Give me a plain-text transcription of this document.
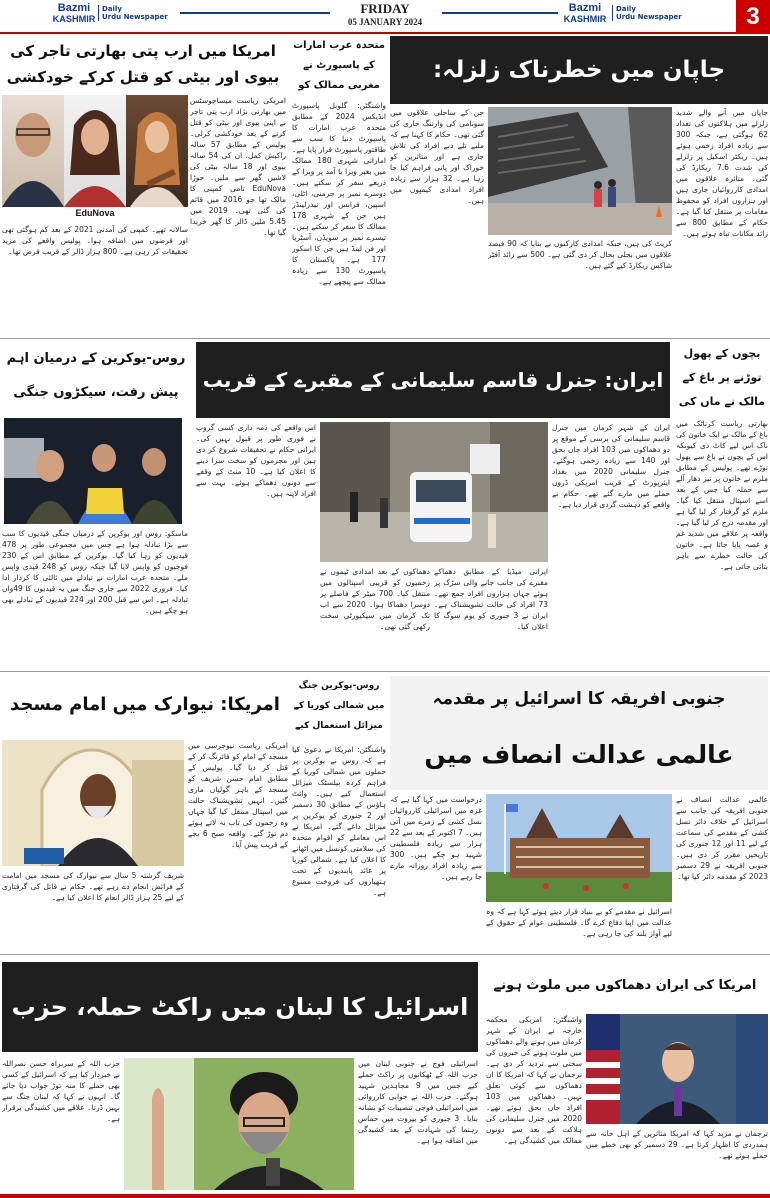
Bazmi
KASHMIR
Daily
Urdu Newspaper
FRIDAY
05 JANUARY 2024
Bazmi
KASHMIR
Daily
Urdu Newspaper	3
امریکا میں ارب پتی بھارتی تاجر کی بیوی اور بیٹی کو قتل کرکے خودکشی
امریکی ریاست میساچوسٹس میں بھارتی نژاد ارب پتی تاجر نے اپنی بیوی اور بیٹی کو قتل کرنے کے بعد خودکشی کرلی۔ پولیس کے مطابق 57 سالہ راکیش کمل، ان کی 54 سالہ بیوی اور 18 سالہ بیٹی کی لاشیں گھر سے ملیں۔ جوڑا EduNova نامی کمپنی کا مالک تھا جو 2016 میں قائم کی گئی تھی۔ 2019 میں 5.45 ملین ڈالر کا گھر خریدا گیا تھا۔
EduNova
سالانہ تھے۔ کمپنی کی آمدنی 2021 کے بعد کم ہوگئی تھی اور قرضوں میں اضافہ ہوا۔ پولیس واقعے کی مزید تحقیقات کر رہی ہے۔ 800 ہزار ڈالر کے قریب قرض تھا۔
متحدہ عرب امارات کے پاسپورٹ نے مغربی ممالک کو
واشنگٹن: گلوبل پاسپورٹ انڈیکس 2024 کے مطابق متحدہ عرب امارات کا پاسپورٹ دنیا کا سب سے طاقتور پاسپورٹ قرار پایا ہے۔ اماراتی شہری 180 ممالک میں بغیر ویزا یا آمد پر ویزا کے ذریعے سفر کر سکتے ہیں۔ دوسرے نمبر پر جرمنی، اٹلی، اسپین، فرانس اور نیدرلینڈز ہیں جن کے شہری 178 ممالک کا سفر کر سکتے ہیں۔ تیسرے نمبر پر سویڈن، آسٹریا اور فن لینڈ ہیں جن کا اسکور 177 ہے۔ پاکستان کا پاسپورٹ 130 سے زیادہ ممالک سے پیچھے ہے۔
جاپان میں خطرناک زلزلہ:
جاپان میں آنے والے شدید زلزلے میں ہلاکتوں کی تعداد 62 ہوگئی ہے، جبکہ 300 سے زیادہ افراد زخمی ہوئے ہیں۔ ریکٹر اسکیل پر زلزلے کی شدت 7.6 ریکارڈ کی گئی۔ متاثرہ علاقوں میں امدادی کارروائیاں جاری ہیں اور ہزاروں افراد کو محفوظ مقامات پر منتقل کیا گیا ہے۔ حکام کے مطابق 800 سے زائد مکانات تباہ ہوئے ہیں۔
جن کے ساحلی علاقوں میں سونامی کی وارننگ جاری کی گئی تھی۔ حکام کا کہنا ہے کہ ملبے تلے دبے افراد کی تلاش جاری ہے اور متاثرین کو خوراک اور پانی فراہم کیا جا رہا ہے۔ 32 ہزار سے زیادہ افراد امدادی کیمپوں میں ہیں۔
کریٹ کی ہیں، جبکہ امدادی کارکنوں نے بتایا کہ 90 فیصد علاقوں میں بجلی بحال کر دی گئی ہے۔ 500 سے زائد آفٹر شاکس ریکارڈ کیے گئے ہیں۔
روس-یوکرین کے درمیان اہم پیش رفت، سیکڑوں جنگی
ماسکو: روس اور یوکرین کے درمیان جنگی قیدیوں کا سب سے بڑا تبادلہ ہوا ہے جس میں مجموعی طور پر 478 قیدیوں کو رہا کیا گیا۔ یوکرین کے مطابق اس کے 230 فوجیوں کو واپس لایا گیا جبکہ روس کو 248 قیدی واپس ملے۔ متحدہ عرب امارات نے تبادلے میں ثالثی کا کردار ادا کیا۔ فروری 2022 سے جاری جنگ میں یہ قیدیوں کا 49واں تبادلہ ہے۔ اس سے قبل 200 اور 224 قیدیوں کے تبادلے بھی ہو چکے ہیں۔
ایران: جنرل قاسم سلیمانی کے مقبرے کے قریب
ایران کے شہر کرمان میں جنرل قاسم سلیمانی کی برسی کے موقع پر دو دھماکوں میں 103 افراد جاں بحق اور 140 سے زیادہ زخمی ہوگئے۔ جنرل سلیمانی 2020 میں بغداد ایئرپورٹ کے قریب امریکی ڈرون حملے میں مارے گئے تھے۔ حکام نے واقعے کو دہشت گردی قرار دیا ہے۔
ایرانی میڈیا کے مطابق دھماکے مقبرے کی جانب جانے والی سڑک پر ہوئے جہاں ہزاروں افراد جمع تھے۔ 73 افراد کی حالت تشویشناک ہے۔ ایران نے 3 جنوری کو یوم سوگ کا اعلان کیا۔
دھماکوں کے بعد امدادی ٹیموں نے زخمیوں کو قریبی اسپتالوں میں منتقل کیا۔ 700 میٹر کے فاصلے پر دوسرا دھماکا ہوا۔ 2020 سے اب تک کرمان میں سیکیورٹی سخت رکھی گئی تھی۔
اس واقعے کی ذمہ داری کسی گروپ نے فوری طور پر قبول نہیں کی۔ ایرانی حکام نے تحقیقات شروع کر دی ہیں اور مجرموں کو سخت سزا دینے کا اعلان کیا ہے۔ 10 منٹ کے وقفے سے دونوں دھماکے ہوئے۔ بہت سے افراد لاپتہ ہیں۔
بچوں کے پھول توڑنے پر باغ کے مالک نے ماں کی
بھارتی ریاست کرناٹک میں باغ کے مالک نے ایک خاتون کی ناک اس لیے کاٹ دی کیونکہ اس کے بچوں نے باغ سے پھول توڑے تھے۔ پولیس کے مطابق ملزم نے خاتون پر تیز دھار آلے سے حملہ کیا جس کے بعد اسے اسپتال منتقل کیا گیا۔ ملزم کو گرفتار کر لیا گیا ہے اور مقدمہ درج کر لیا گیا ہے۔ واقعہ پر علاقے میں شدید غم و غصہ پایا جاتا ہے۔ خاتون کی حالت خطرے سے باہر بتائی جاتی ہے۔
امریکا: نیوارک میں امام مسجد
امریکی ریاست نیوجرسی میں مسجد کے امام کو فائرنگ کر کے قتل کر دیا گیا۔ پولیس کے مطابق امام حسن شریف کو مسجد کے باہر گولیاں ماری گئیں۔ انہیں تشویشناک حالت میں اسپتال منتقل کیا گیا جہاں وہ زخموں کی تاب نہ لاتے ہوئے دم توڑ گئے۔ واقعہ صبح 6 بجے کے قریب پیش آیا۔
شریف گزشتہ 5 سال سے نیوارک کی مسجد میں امامت کے فرائض انجام دے رہے تھے۔ حکام نے قاتل کی گرفتاری کے لیے 25 ہزار ڈالر انعام کا اعلان کیا ہے۔
روس-یوکرین جنگ میں شمالی کوریا کے میزائل استعمال کیے
واشنگٹن: امریکا نے دعویٰ کیا ہے کہ روس نے یوکرین پر حملوں میں شمالی کوریا کے فراہم کردہ بیلسٹک میزائل استعمال کیے ہیں۔ وائٹ ہاؤس کے مطابق 30 دسمبر اور 2 جنوری کو یوکرین پر میزائل داغے گئے۔ امریکا نے اس معاملے کو اقوام متحدہ کی سلامتی کونسل میں اٹھانے کا اعلان کیا ہے۔ شمالی کوریا پر عائد پابندیوں کے تحت ہتھیاروں کی فروخت ممنوع ہے۔
جنوبی افریقہ کا اسرائیل پر مقدمہ
عالمی عدالت انصاف میں
عالمی عدالت انصاف نے جنوبی افریقہ کی جانب سے اسرائیل کے خلاف دائر نسل کشی کے مقدمے کی سماعت کے لیے 11 اور 12 جنوری کی تاریخیں مقرر کر دی ہیں۔ جنوبی افریقہ نے 29 دسمبر 2023 کو مقدمہ دائر کیا تھا۔
درخواست میں کہا گیا ہے کہ غزہ میں اسرائیلی کارروائیاں نسل کشی کے زمرے میں آتی ہیں۔ 7 اکتوبر کے بعد سے 22 ہزار سے زیادہ فلسطینی شہید ہو چکے ہیں۔ 300 سے زیادہ افراد روزانہ مارے جا رہے ہیں۔
اسرائیل نے مقدمے کو بے بنیاد قرار دیتے ہوئے کہا ہے کہ وہ عدالت میں اپنا دفاع کرے گا۔ فلسطینی عوام کے حقوق کے لیے آواز بلند کی جا رہی ہے۔
اسرائیل کا لبنان میں راکٹ حملہ، حزب
اسرائیلی فوج نے جنوبی لبنان میں حزب اللہ کے ٹھکانوں پر راکٹ حملے کیے جس میں 9 مجاہدین شہید ہوگئے۔ حزب اللہ نے جوابی کارروائی میں اسرائیلی فوجی تنصیبات کو نشانہ بنایا۔ 3 جنوری کو بیروت میں حماس رہنما کی شہادت کے بعد کشیدگی میں اضافہ ہوا ہے۔
حزب اللہ کے سربراہ حسن نصراللہ نے خبردار کیا ہے کہ اسرائیل کے کسی بھی حملے کا منہ توڑ جواب دیا جائے گا۔ انہوں نے کہا کہ لبنان جنگ سے نہیں ڈرتا۔ علاقے میں کشیدگی برقرار ہے۔
امریکا کی ایران دھماکوں میں ملوث ہونے
واشنگٹن: امریکی محکمہ خارجہ نے ایران کے شہر کرمان میں ہونے والے دھماکوں میں ملوث ہونے کی خبروں کی سختی سے تردید کر دی ہے۔ ترجمان نے کہا کہ امریکا کا ان دھماکوں سے کوئی تعلق نہیں۔ دھماکوں میں 103 افراد جاں بحق ہوئے تھے۔ 2020 میں جنرل سلیمانی کی ہلاکت کے بعد سے دونوں ممالک میں کشیدگی ہے۔
ترجمان نے مزید کہا کہ امریکا متاثرین کے اہل خانہ سے ہمدردی کا اظہار کرتا ہے۔ 29 دسمبر کو بھی خطے میں حملے ہوئے تھے۔
